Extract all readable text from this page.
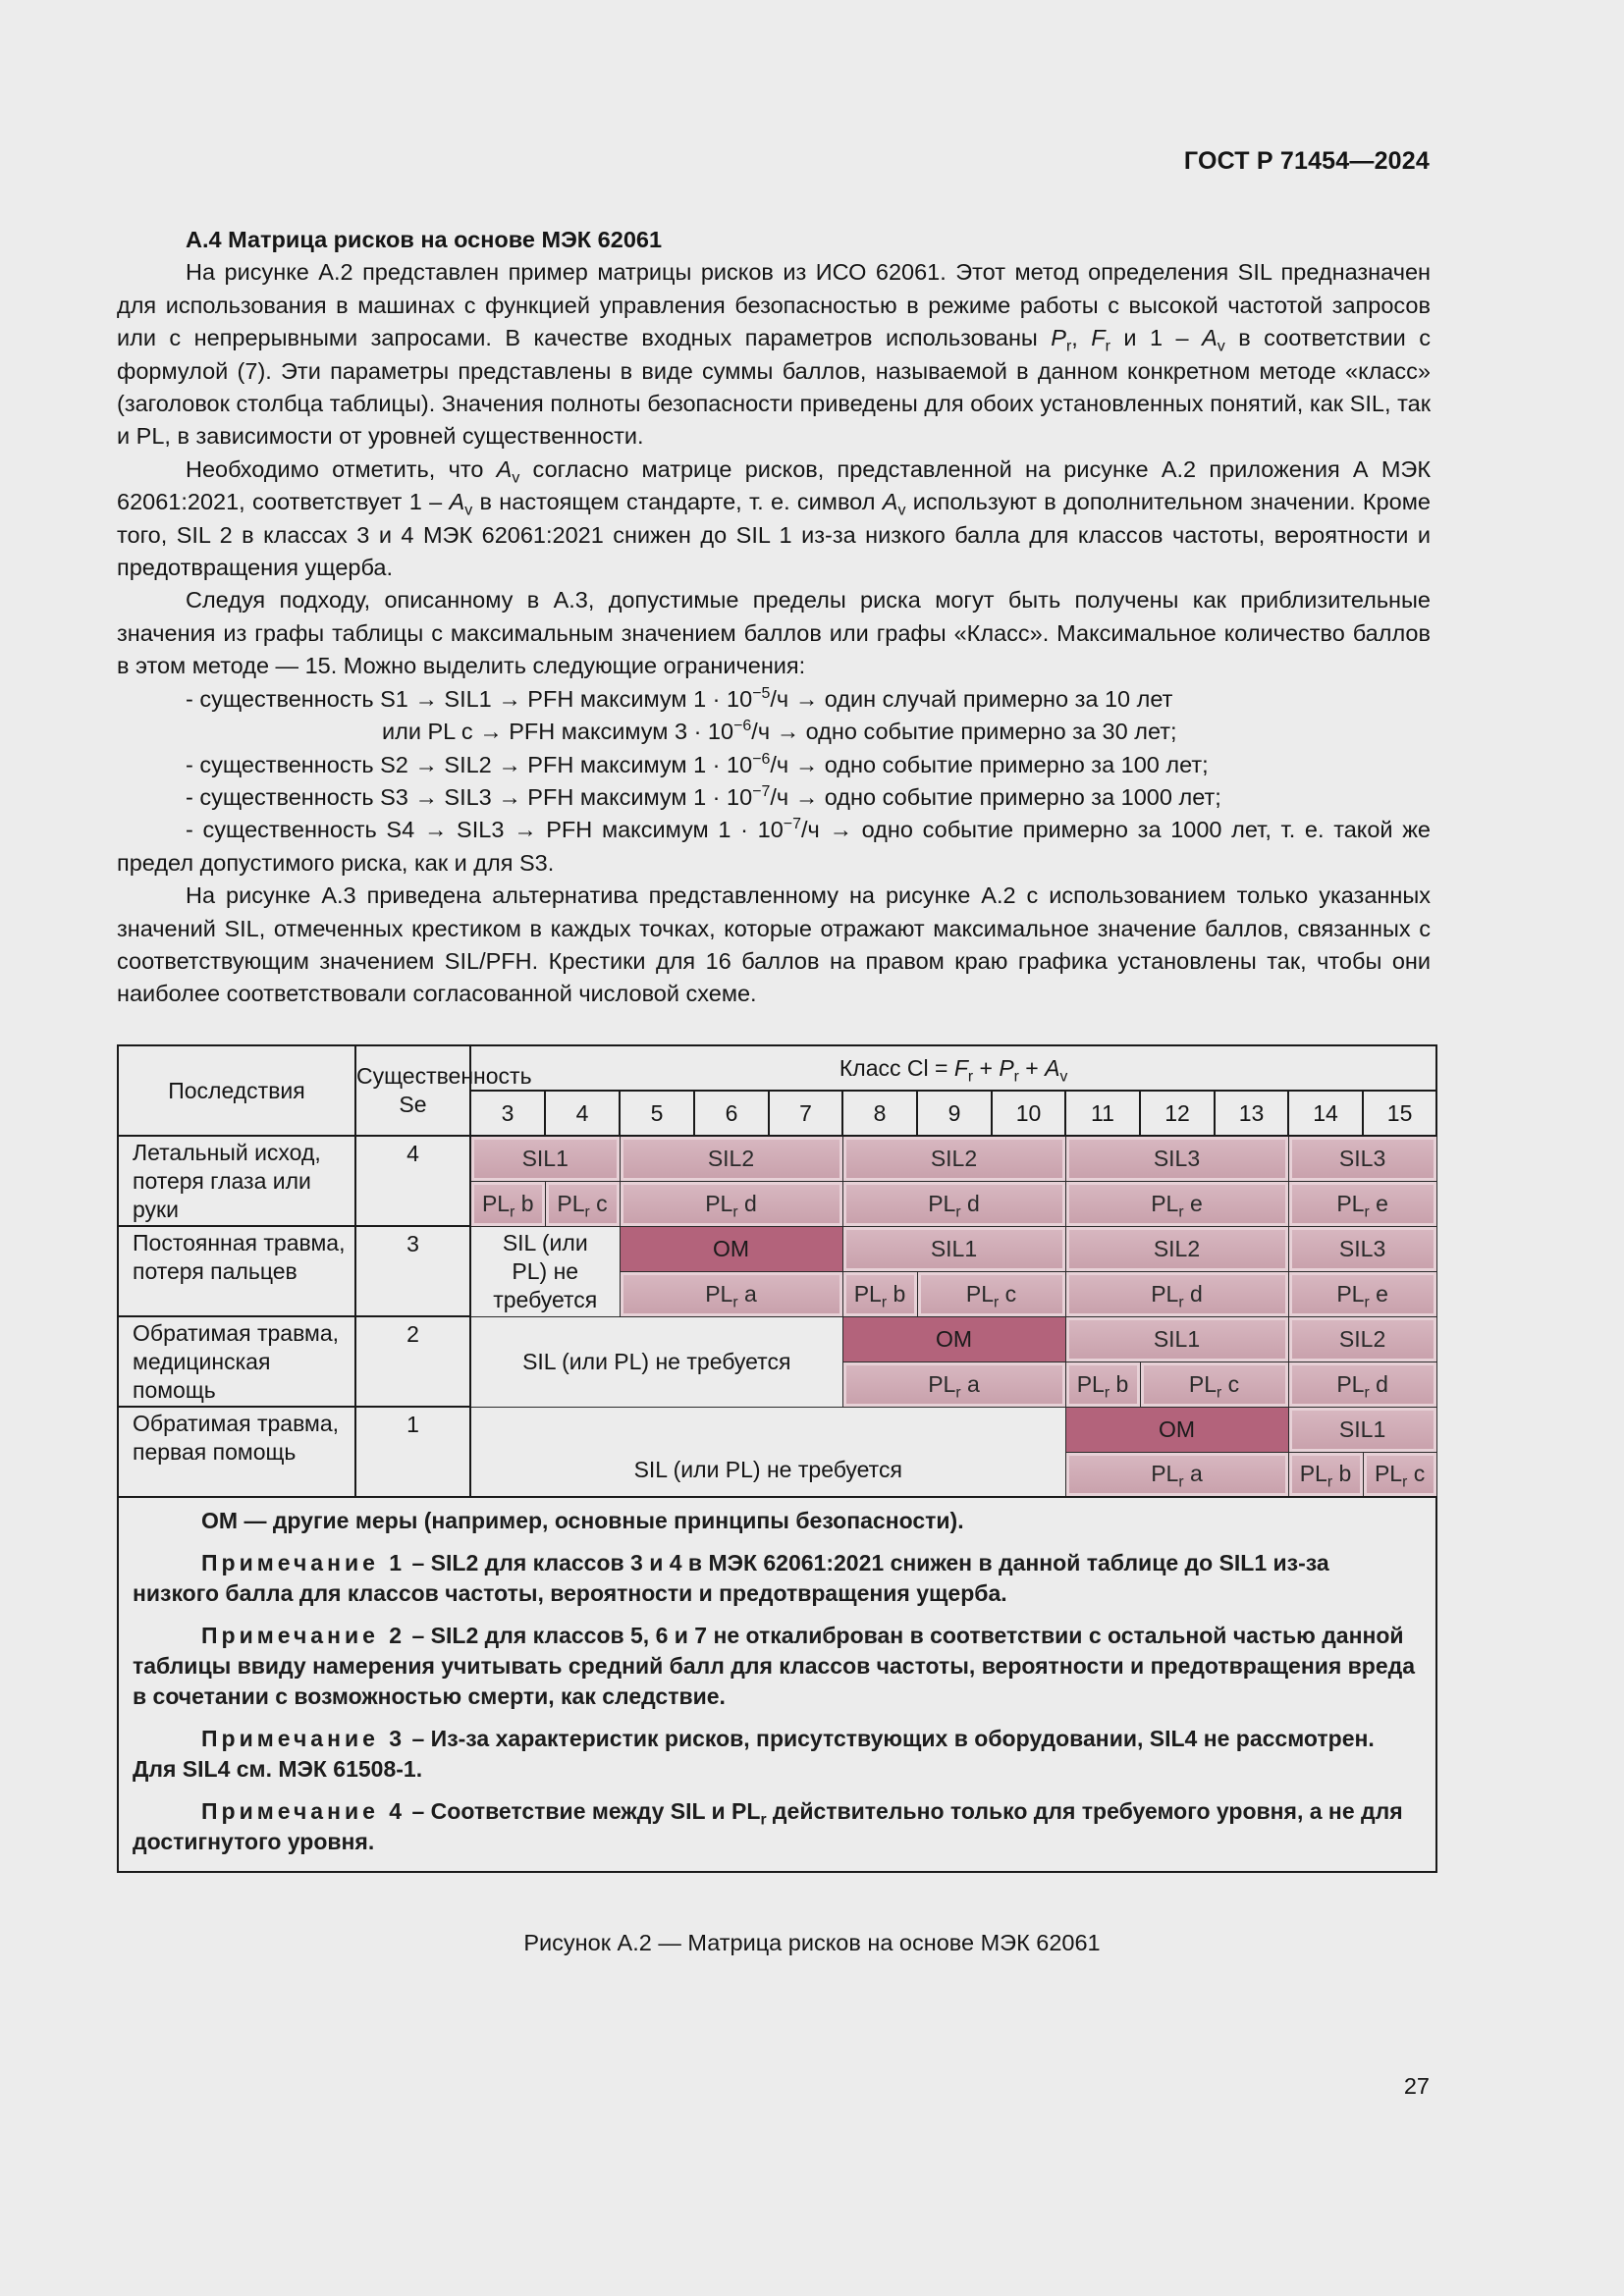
ГОСТ Р 71454—2024

А.4 Матрица рисков на основе МЭК 62061

На рисунке А.2 представлен пример матрицы рисков из ИСО 62061. Этот метод определения SIL предназначен для использования в машинах с функцией управления безопасностью в режиме работы с высокой частотой запросов или с непрерывными запросами. В качестве входных параметров использованы $P_r$, $F_r$ и $1 - A_v$ в соответствии с формулой (7). Эти параметры представлены в виде суммы баллов, называемой в данном конкретном методе «класс» (заголовок столбца таблицы). Значения полноты безопасности приведены для обоих установленных понятий, как SIL, так и PL, в зависимости от уровней существенности.

Необходимо отметить, что $A_v$ согласно матрице рисков, представленной на рисунке А.2 приложения А МЭК 62061:2021, соответствует $1 - A_v$ в настоящем стандарте, т. е. символ $A_v$ используют в дополнительном значении. Кроме того, SIL 2 в классах 3 и 4 МЭК 62061:2021 снижен до SIL 1 из-за низкого балла для классов частоты, вероятности и предотвращения ущерба.

Следуя подходу, описанному в А.3, допустимые пределы риска могут быть получены как приблизительные значения из графы таблицы с максимальным значением баллов или графы «Класс». Максимальное количество баллов в этом методе — 15. Можно выделить следующие ограничения:

- существенность S1 → SIL1 → PFH максимум $1 \cdot 10^{-5}/ч$ → один случай примерно за 10 лет

или PL c → PFH максимум $3 \cdot 10^{-6}/ч$ → одно событие примерно за 30 лет;

- существенность S2 → SIL2 → PFH максимум $1 \cdot 10^{-6}/ч$ → одно событие примерно за 100 лет;

- существенность S3 → SIL3 → PFH максимум $1 \cdot 10^{-7}/ч$ → одно событие примерно за 1000 лет;

- существенность S4 → SIL3 → PFH максимум $1 \cdot 10^{-7}/ч$ → одно событие примерно за 1000 лет, т. е. такой же предел допустимого риска, как и для S3.

На рисунке А.3 приведена альтернатива представленному на рисунке А.2 с использованием только указанных значений SIL, отмеченных крестиком в каждых точках, которые отражают максимальное значение баллов, связанных с соответствующим значением SIL/PFH. Крестики для 16 баллов на правом краю графика установлены так, чтобы они наиболее соответствовали согласованной числовой схеме.

Последствия	Существенность Se	Класс $Cl = F_r + P_r + A_v$
		3	4	5	6	7	8	9	10	11	12	13	14	15
Летальный исход, потеря глаза или руки	4	SIL1		SIL2			SIL2			SIL3			SIL3	
		$PL_r$ b	$PL_r$ c	$PL_r$ d			$PL_r$ d			$PL_r$ e			$PL_r$ e	
Постоянная травма, потеря пальцев	3	SIL (или PL) не требуется		OM			SIL1			SIL2			SIL3	
				$PL_r$ a			$PL_r$ b	$PL_r$ c		$PL_r$ d			$PL_r$ e	
Обратимая травма, медицинская помощь	2	SIL (или PL) не требуется					OM			SIL1			SIL2	
							$PL_r$ a			$PL_r$ b	$PL_r$ c		$PL_r$ d	
Обратимая травма, первая помощь	1	SIL (или PL) не требуется								OM			SIL1	
										$PL_r$ a			$PL_r$ b	$PL_r$ c

ОМ — другие меры (например, основные принципы безопасности).

Примечание 1 – SIL2 для классов 3 и 4 в МЭК 62061:2021 снижен в данной таблице до SIL1 из-за низкого балла для классов частоты, вероятности и предотвращения ущерба.

Примечание 2 – SIL2 для классов 5, 6 и 7 не откалиброван в соответствии с остальной частью данной таблицы ввиду намерения учитывать средний балл для классов частоты, вероятности и предотвращения вреда в сочетании с возможностью смерти, как следствие.

Примечание 3 – Из-за характеристик рисков, присутствующих в оборудовании, SIL4 не рассмотрен. Для SIL4 см. МЭК 61508-1.

Примечание 4 – Соответствие между SIL и $PL_r$ действительно только для требуемого уровня, а не для достигнутого уровня.														

Рисунок А.2 — Матрица рисков на основе МЭК 62061
27
